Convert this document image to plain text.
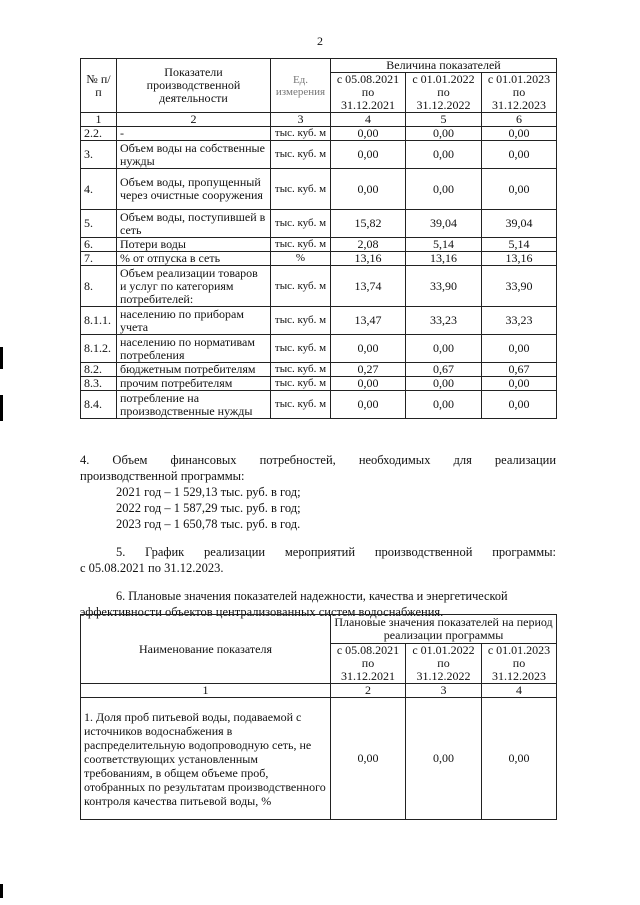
2
№ п/п	Показатели производственной деятельности	Ед. измерения	Величина показателей		
			с 05.08.2021 по 31.12.2021	с 01.01.2022 по 31.12.2022	с 01.01.2023 по 31.12.2023
1	2	3	4	5	6
2.2.	-	тыс. куб. м	0,00	0,00	0,00
3.	Объем воды на собственные нужды	тыс. куб. м	0,00	0,00	0,00
4.	Объем воды, пропущенный через очистные сооружения	тыс. куб. м	0,00	0,00	0,00
5.	Объем воды, поступившей в сеть	тыс. куб. м	15,82	39,04	39,04
6.	Потери воды	тыс. куб. м	2,08	5,14	5,14
7.	% от отпуска в сеть	%	13,16	13,16	13,16
8.	Объем реализации товаров и услуг по категориям потребителей:	тыс. куб. м	13,74	33,90	33,90
8.1.1.	населению по приборам учета	тыс. куб. м	13,47	33,23	33,23
8.1.2.	населению по нормативам потребления	тыс. куб. м	0,00	0,00	0,00
8.2.	бюджетным потребителям	тыс. куб. м	0,27	0,67	0,67
8.3.	прочим потребителям	тыс. куб. м	0,00	0,00	0,00
8.4.	потребление на производственные нужды	тыс. куб. м	0,00	0,00	0,00
4. Объем финансовых потребностей, необходимых для реализации
производственной программы:
2021 год – 1 529,13 тыс. руб. в год;
2022 год – 1 587,29 тыс. руб. в год;
2023 год – 1 650,78 тыс. руб. в год.
5. График реализации мероприятий производственной программы:
с 05.08.2021 по 31.12.2023.
6. Плановые значения показателей надежности, качества и энергетической
эффективности объектов централизованных систем водоснабжения.
Наименование показателя	Плановые значения показателей на период реализации программы		
	с 05.08.2021 по 31.12.2021	с 01.01.2022 по 31.12.2022	с 01.01.2023 по 31.12.2023
1	2	3	4
1. Доля проб питьевой воды, подаваемой с источников водоснабжения в распределительную водопроводную сеть, не соответствующих установленным требованиям, в общем объеме проб, отобранных по результатам производственного контроля качества питьевой воды, %	0,00	0,00	0,00
